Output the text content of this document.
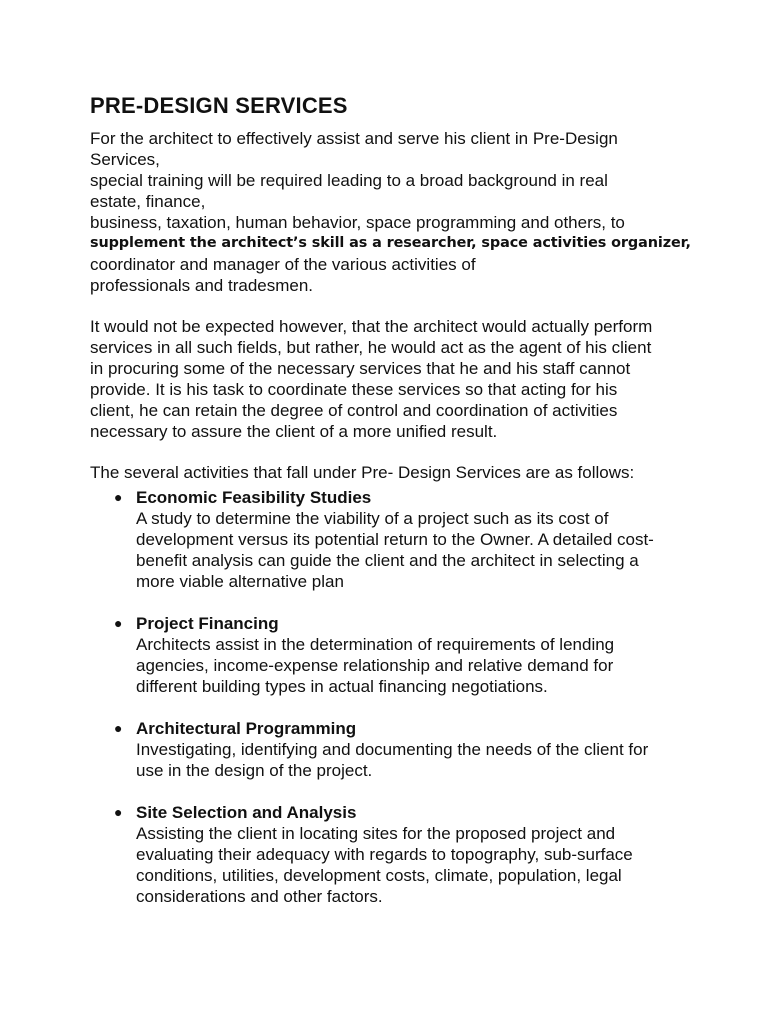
PRE-DESIGN SERVICES

For the architect to effectively assist and serve his client in Pre-Design
Services,
special training will be required leading to a broad background in real
estate, finance,
business, taxation, human behavior, space programming and others, to
supplement the architect’s skill as a researcher, space activities organizer,
coordinator and manager of the various activities of
professionals and tradesmen.

It would not be expected however, that the architect would actually perform
services in all such fields, but rather, he would act as the agent of his client
in procuring some of the necessary services that he and his staff cannot
provide. It is his task to coordinate these services so that acting for his
client, he can retain the degree of control and coordination of activities
necessary to assure the client of a more unified result.

The several activities that fall under Pre- Design Services are as follows:

● Economic Feasibility Studies
A study to determine the viability of a project such as its cost of
development versus its potential return to the Owner. A detailed cost-
benefit analysis can guide the client and the architect in selecting a
more viable alternative plan
● Project Financing
Architects assist in the determination of requirements of lending
agencies, income-expense relationship and relative demand for
different building types in actual financing negotiations.
● Architectural Programming
Investigating, identifying and documenting the needs of the client for
use in the design of the project.
● Site Selection and Analysis
Assisting the client in locating sites for the proposed project and
evaluating their adequacy with regards to topography, sub-surface
conditions, utilities, development costs, climate, population, legal
considerations and other factors.
